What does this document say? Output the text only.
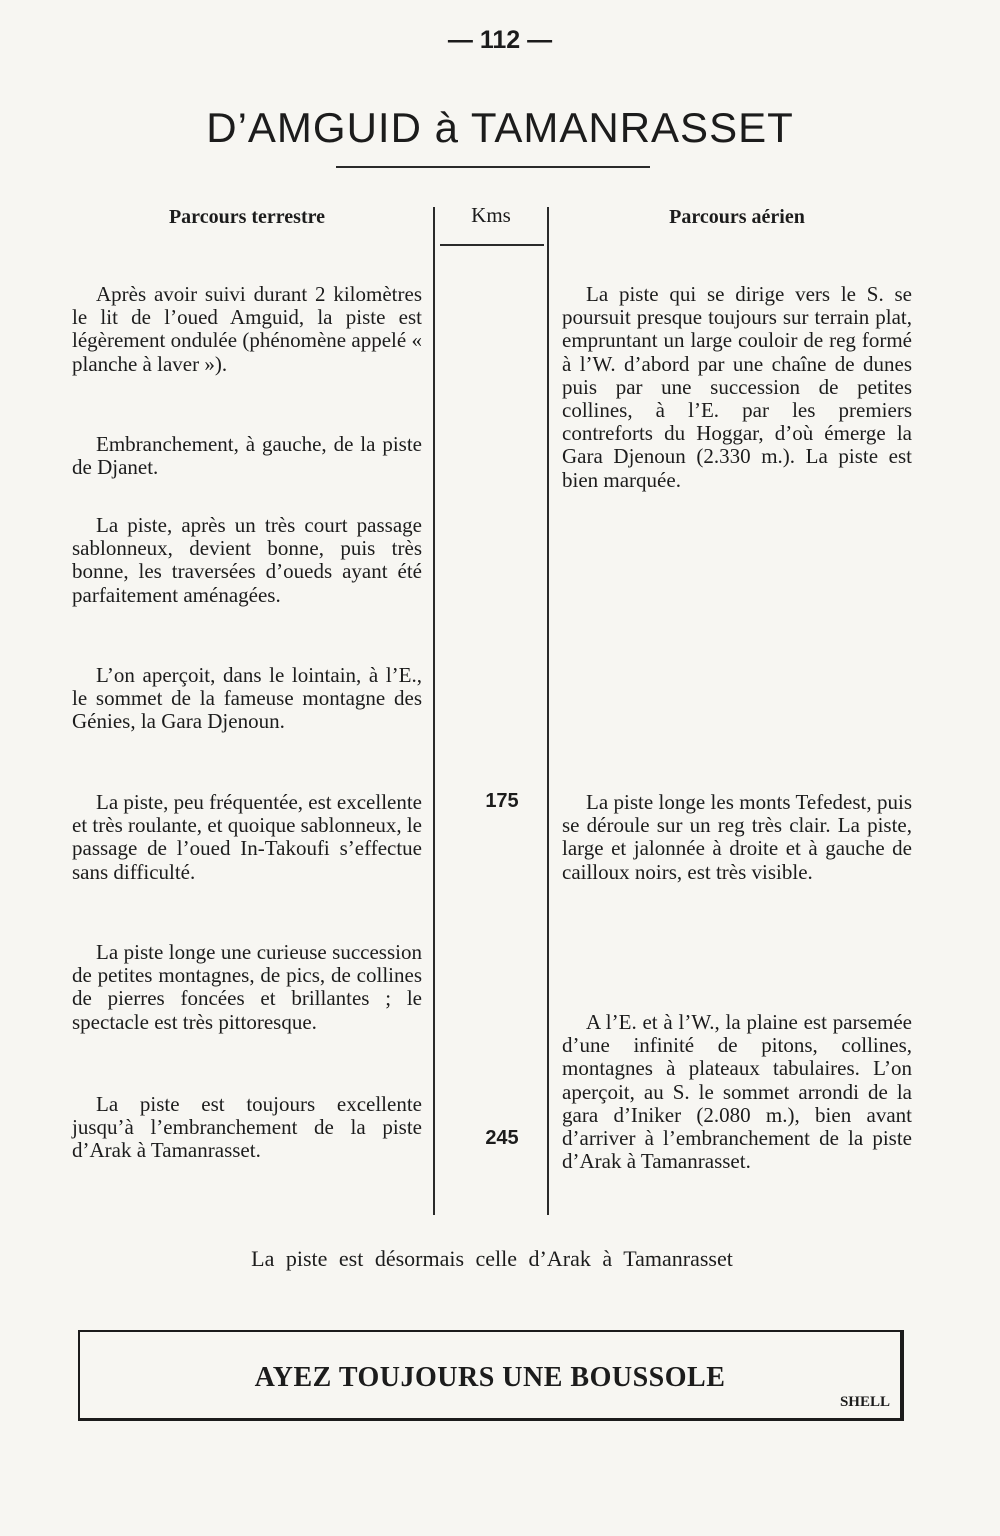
— 112 —
D’AMGUID à TAMANRASSET
Parcours terrestre	Kms	Parcours aérien

Après avoir suivi durant 2 kilomètres le lit de l’oued Amguid, la piste est légèrement ondulée (phénomène appelé « planche à laver »).

Embranchement, à gauche, de la piste de Djanet.

La piste, après un très court passage sablonneux, devient bonne, puis très bonne, les traversées d’oueds ayant été parfaitement aménagées.

L’on aperçoit, dans le lointain, à l’E., le sommet de la fameuse montagne des Génies, la Gara Djenoun.

La piste, peu fréquentée, est excellente et très roulante, et quoique sablonneux, le passage de l’oued In-Takoufi s’effectue sans difficulté.

La piste longe une curieuse succession de petites montagnes, de pics, de collines de pierres foncées et brillantes ; le spectacle est très pittoresque.

La piste est toujours excellente jusqu’à l’embranchement de la piste d’Arak à Tamanrasset.

175
245

La piste qui se dirige vers le S. se poursuit presque toujours sur terrain plat, empruntant un large couloir de reg formé à l’W. d’abord par une chaîne de dunes puis par une succession de petites collines, à l’E. par les premiers contreforts du Hoggar, d’où émerge la Gara Djenoun (2.330 m.). La piste est bien marquée.

La piste longe les monts Tefedest, puis se déroule sur un reg très clair. La piste, large et jalonnée à droite et à gauche de cailloux noirs, est très visible.

A l’E. et à l’W., la plaine est parsemée d’une infinité de pitons, collines, montagnes à plateaux tabulaires. L’on aperçoit, au S. le sommet arrondi de la gara d’Iniker (2.080 m.), bien avant d’arriver à l’embranchement de la piste d’Arak à Tamanrasset.

La piste est désormais celle d’Arak à Tamanrasset
AYEZ TOUJOURS UNE BOUSSOLE
SHELL
